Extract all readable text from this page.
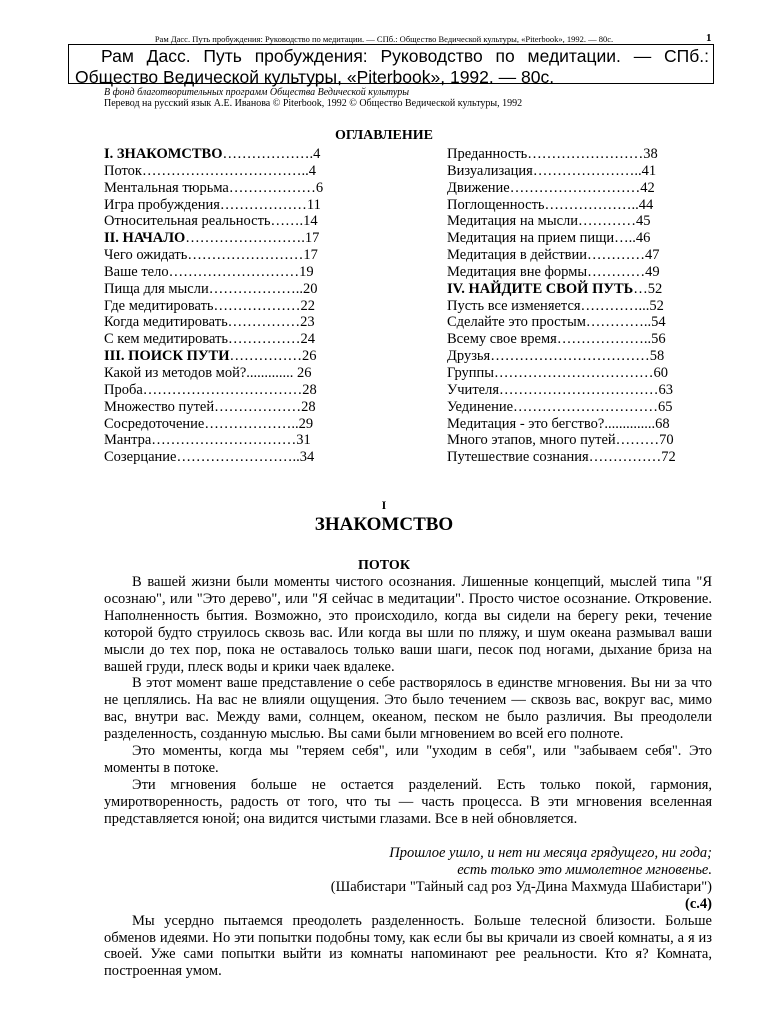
Рам Дасс. Путь пробуждения: Руководство по медитации. — СПб.: Общество Ведической культуры, «Piterbook», 1992. — 80с.	1
Рам Дасс. Путь пробуждения: Руководство по медитации. — СПб.: Общество Ведической культуры, «Piterbook», 1992. — 80с.
В фонд благотворительных программ Общества Ведической культуры
Перевод на русский язык А.Е. Иванова © Piterbook, 1992 © Общество Ведической культуры, 1992
ОГЛАВЛЕНИЕ
I. ЗНАКОМСТВО……………….4
Поток……………………………..4
Ментальная тюрьма………………6
Игра пробуждения………………11
Относительная реальность…….14
II. НАЧАЛО…………………….17
Чего ожидать……………………17
Ваше тело………………………19
Пища для мысли………………..20
Где медитировать………………22
Когда медитировать……………23
С кем медитировать……………24
III. ПОИСК ПУТИ……………26
Какой из методов мой?............. 26
Проба……………………………28
Множество путей………………28
Сосредоточение………………..29
Мантра…………………………31
Созерцание……………………..34
Преданность……………………38
Визуализация…………………..41
Движение………………………42
Поглощенность………………..44
Медитация на мысли…………45
Медитация на прием пищи…..46
Медитация в действии…………47
Медитация вне формы…………49
IV. НАЙДИТЕ СВОЙ ПУТЬ…52
Пусть все изменяется…………...52
Сделайте это простым…………..54
Всему свое время………………..56
Друзья……………………………58
Группы……………………………60
Учителя……………………………63
Уединение…………………………65
Медитация - это бегство?..............68
Много этапов, много путей………70
Путешествие сознания……………72
I
ЗНАКОМСТВО
ПОТОК

В вашей жизни были моменты чистого осознания. Лишенные концепций, мыслей типа "Я осознаю", или "Это дерево", или "Я сейчас в медитации". Просто чистое осознание. Откровение. Наполненность бытия. Возможно, это происходило, когда вы сидели на берегу реки, течение которой будто струилось сквозь вас. Или когда вы шли по пляжу, и шум океана размывал ваши мысли до тех пор, пока не оставалось только ваши шаги, песок под ногами, дыхание бриза на вашей груди, плеск воды и крики чаек вдалеке.

В этот момент ваше представление о себе растворялось в единстве мгновения. Вы ни за что не цеплялись. На вас не влияли ощущения. Это было течением — сквозь вас, вокруг вас, мимо вас, внутри вас. Между вами, солнцем, океаном, песком не было различия. Вы преодолели разделенность, созданную мыслью. Вы сами были мгновением во всей его полноте.

Это моменты, когда мы "теряем себя", или "уходим в себя", или "забываем себя". Это моменты в потоке.

Эти мгновения больше не остается разделений. Есть только покой, гармония, умиротворенность, радость от того, что ты — часть процесса. В эти мгновения вселенная представляется юной; она видится чистыми глазами. Все в ней обновляется.

Прошлое ушло, и нет ни месяца грядущего, ни года;
есть только это мимолетное мгновенье.
(Шабистари "Тайный сад роз Уд-Дина Махмуда Шабистари")
(с.4)

Мы усердно пытаемся преодолеть разделенность. Больше телесной близости. Больше обменов идеями. Но эти попытки подобны тому, как если бы вы кричали из своей комнаты, а я из своей. Уже сами попытки выйти из комнаты напоминают рее реальности. Кто я? Комната, построенная умом.
